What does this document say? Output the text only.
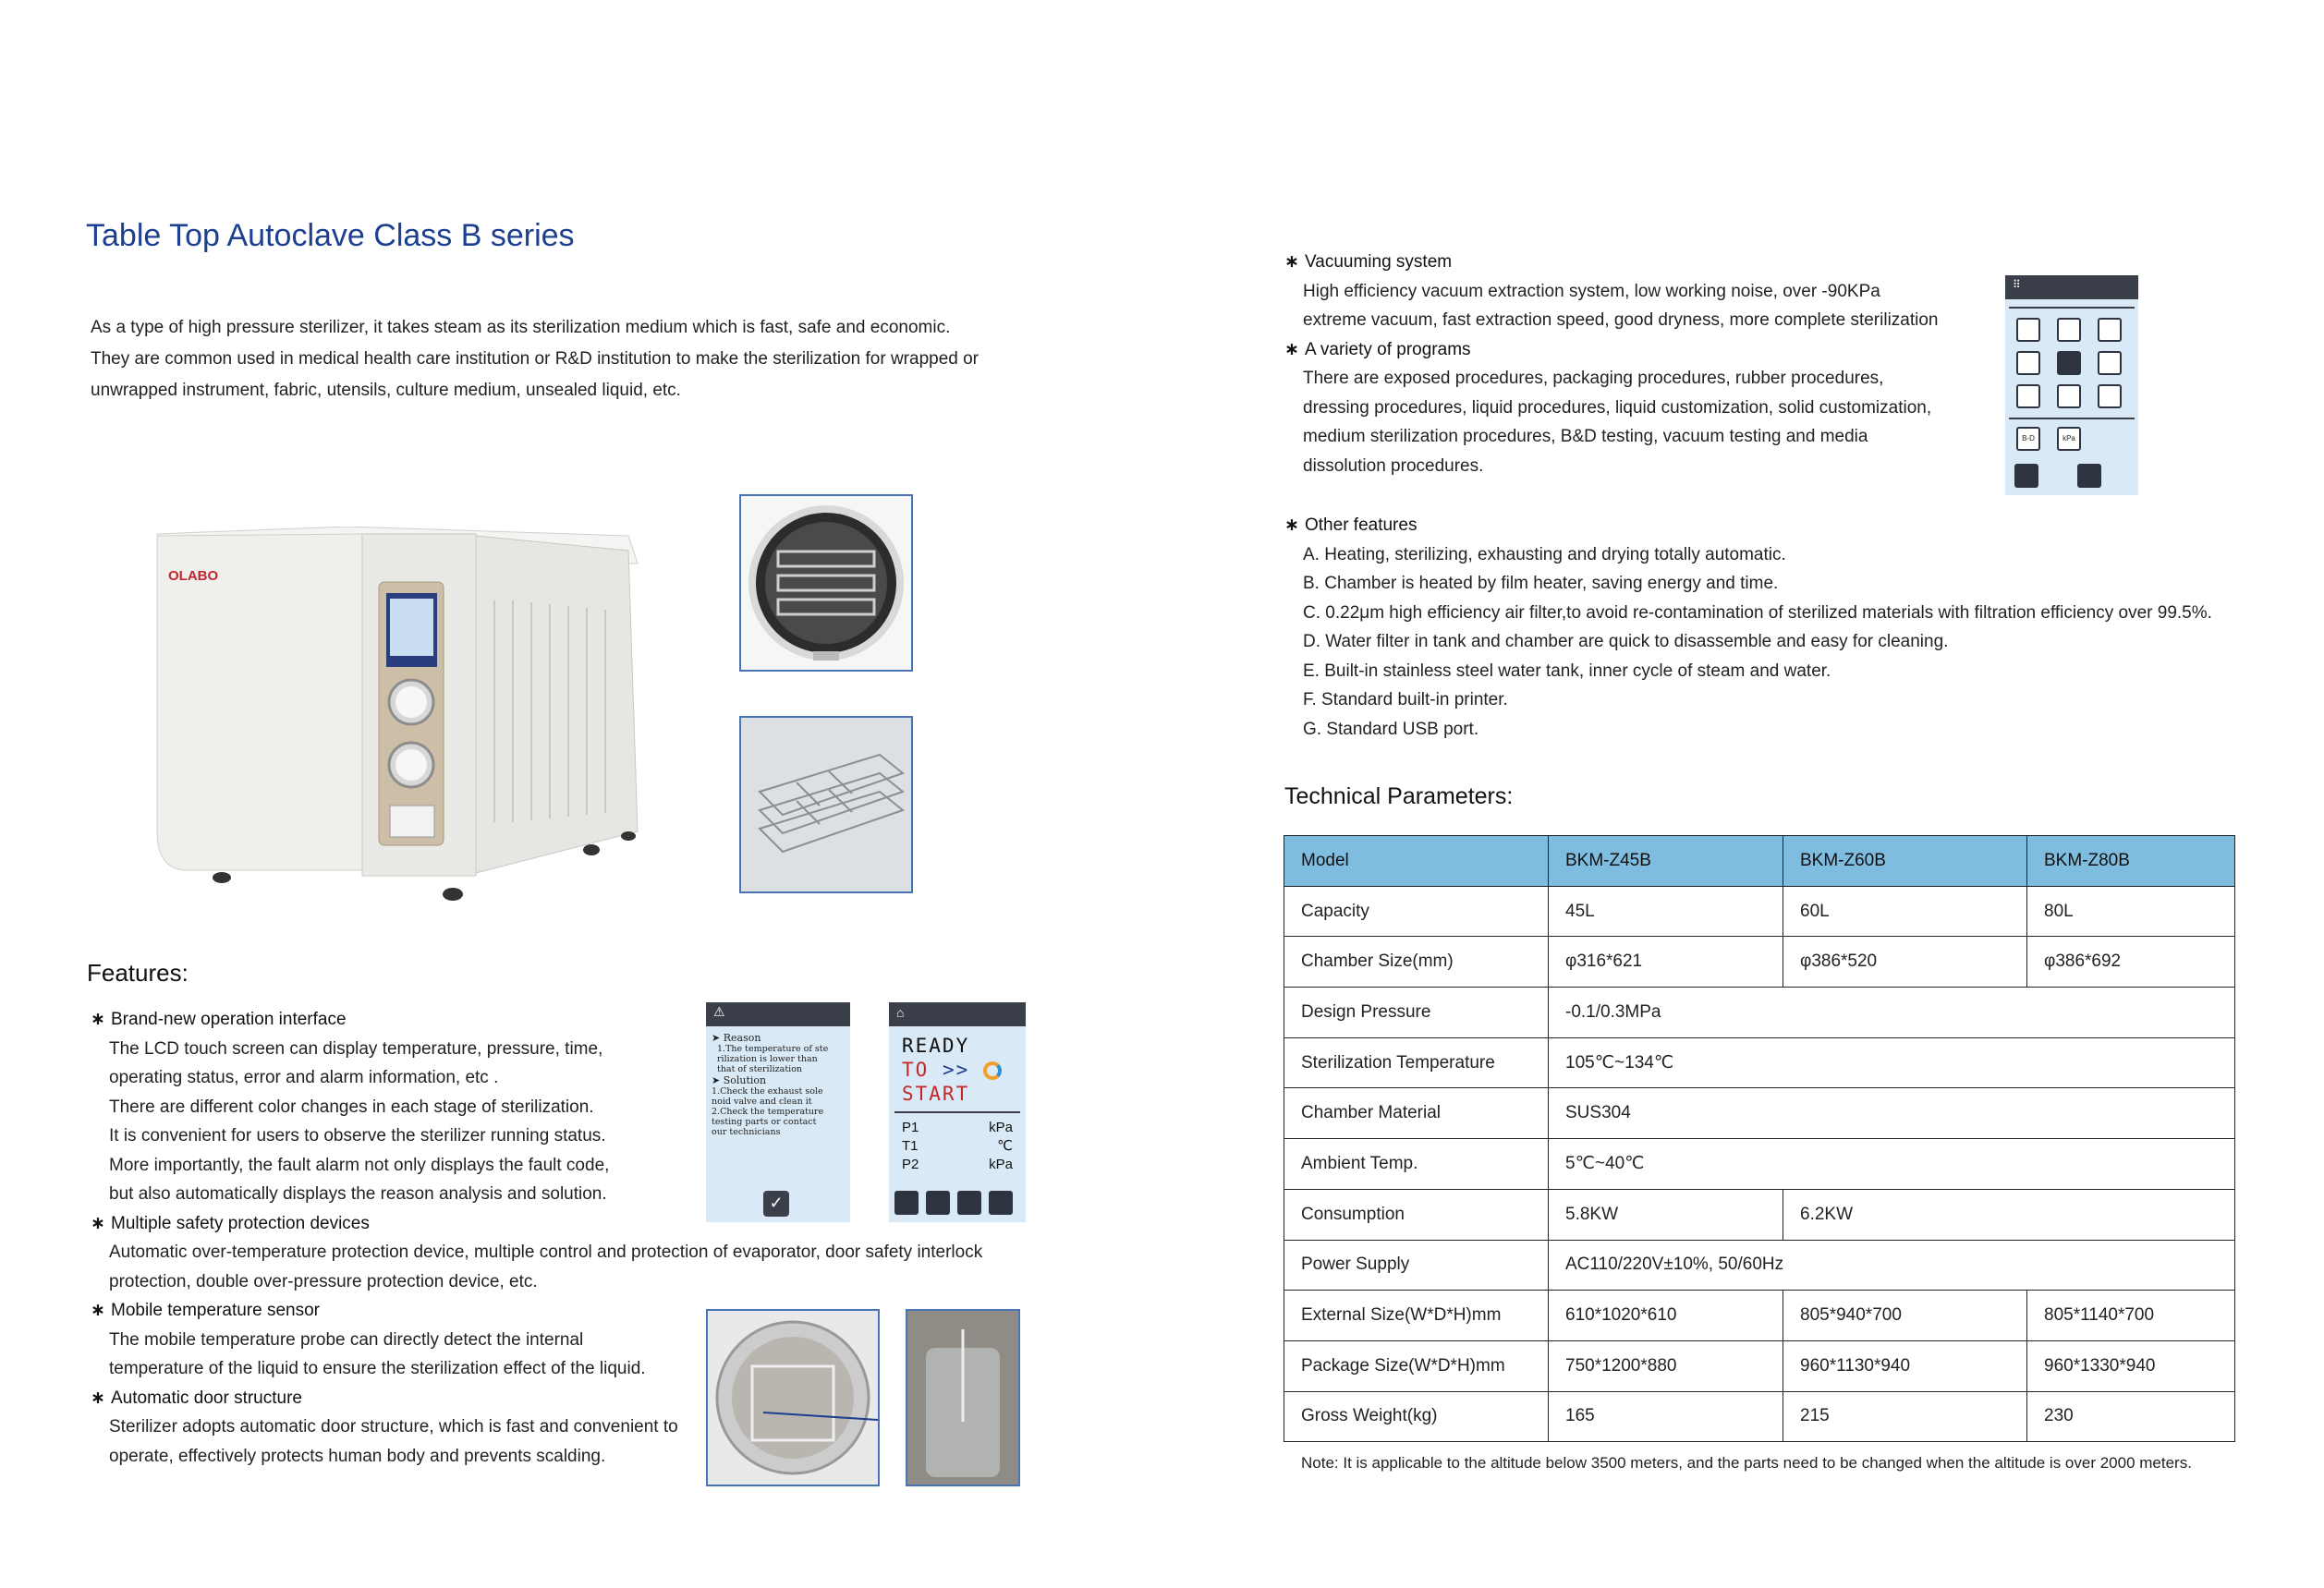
Table Top Autoclave Class B series
As a type of high pressure sterilizer, it takes steam as its sterilization medium which is fast, safe and economic.
They are common used in medical health care institution or R&D institution to make the sterilization for wrapped or
unwrapped instrument, fabric, utensils, culture medium, unsealed liquid, etc.
OLABO
Features:
∗ Brand-new operation interface
The LCD touch screen can display temperature, pressure, time,
operating status, error and alarm information, etc .
There are different color changes in each stage of sterilization.
It is convenient for users to observe the sterilizer running status.
More importantly, the fault alarm not only displays the fault code,
but also automatically displays the reason analysis and solution.
∗ Multiple safety protection devices
Automatic over-temperature protection device, multiple control and protection of evaporator, door safety interlock
protection, double over-pressure protection device, etc.
∗ Mobile temperature sensor
The mobile temperature probe can directly detect the internal
temperature of the liquid to ensure the sterilization effect of the liquid.
∗ Automatic door structure
Sterilizer adopts automatic door structure, which is fast and convenient to
operate, effectively protects human body and prevents scalding.
⚠
➤ Reason
1.The temperature of ste
rilization is lower than
that of sterilization
➤ Solution
1.Check the exhaust sole
noid valve and clean it
2.Check the temperature
testing parts or contact
our technicians
✓
⌂
READY
TO >>
START
P1	kPa
T1	℃
P2	kPa
∗ Vacuuming system
High efficiency vacuum extraction system, low working noise, over -90KPa
extreme vacuum, fast extraction speed, good dryness, more complete sterilization
∗ A variety of programs
There are exposed procedures, packaging procedures, rubber procedures,
dressing procedures, liquid procedures, liquid customization, solid customization,
medium sterilization procedures, B&D testing, vacuum testing and media
dissolution procedures.
⠿
B-D	kPa
∗ Other features
A. Heating, sterilizing, exhausting and drying totally automatic.
B. Chamber is heated by film heater, saving energy and time.
C. 0.22μm high efficiency air filter,to avoid re-contamination of sterilized materials with filtration efficiency over 99.5%.
D. Water filter in tank and chamber are quick to disassemble and easy for cleaning.
E. Built-in stainless steel water tank, inner cycle of steam and water.
F. Standard built-in printer.
G. Standard USB port.
Technical Parameters:
Model	BKM-Z45B	BKM-Z60B	BKM-Z80B
Capacity	45L	60L	80L
Chamber Size(mm)	φ316*621	φ386*520	φ386*692
Design Pressure	-0.1/0.3MPa		
Sterilization Temperature	105℃~134℃		
Chamber Material	SUS304		
Ambient Temp.	5℃~40℃		
Consumption	5.8KW	6.2KW	
Power Supply	AC110/220V±10%, 50/60Hz		
External Size(W*D*H)mm	610*1020*610	805*940*700	805*1140*700
Package Size(W*D*H)mm	750*1200*880	960*1130*940	960*1330*940
Gross Weight(kg)	165	215	230
Note: It is applicable to the altitude below 3500 meters, and the parts need to be changed when the altitude is over 2000 meters.
